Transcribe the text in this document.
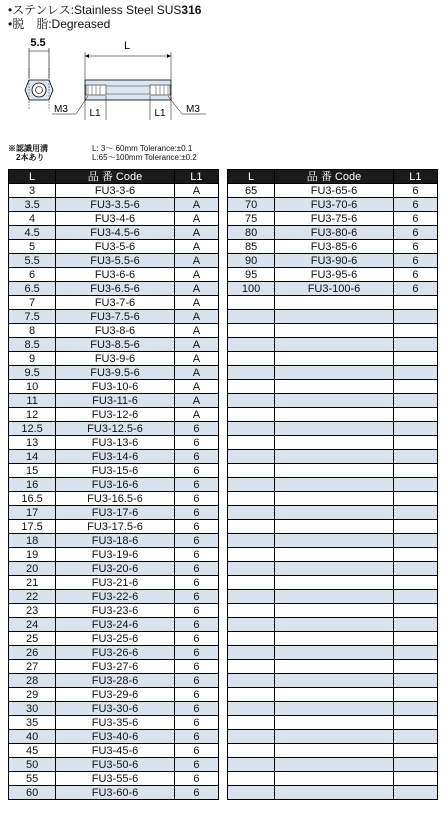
•ステンレス:Stainless Steel SUS316
•脱　脂:Degreased
5.5	L
L1	L1
M3	M3
※認識用溝
2本あり
L: 3～ 60mm Tolerance:±0.1
L:65～100mm Tolerance:±0.2
L	品 番 Code	L1
3	FU3-3-6	A
3.5	FU3-3.5-6	A
4	FU3-4-6	A
4.5	FU3-4.5-6	A
5	FU3-5-6	A
5.5	FU3-5.5-6	A
6	FU3-6-6	A
6.5	FU3-6.5-6	A
7	FU3-7-6	A
7.5	FU3-7.5-6	A
8	FU3-8-6	A
8.5	FU3-8.5-6	A
9	FU3-9-6	A
9.5	FU3-9.5-6	A
10	FU3-10-6	A
11	FU3-11-6	A
12	FU3-12-6	A
12.5	FU3-12.5-6	6
13	FU3-13-6	6
14	FU3-14-6	6
15	FU3-15-6	6
16	FU3-16-6	6
16.5	FU3-16.5-6	6
17	FU3-17-6	6
17.5	FU3-17.5-6	6
18	FU3-18-6	6
19	FU3-19-6	6
20	FU3-20-6	6
21	FU3-21-6	6
22	FU3-22-6	6
23	FU3-23-6	6
24	FU3-24-6	6
25	FU3-25-6	6
26	FU3-26-6	6
27	FU3-27-6	6
28	FU3-28-6	6
29	FU3-29-6	6
30	FU3-30-6	6
35	FU3-35-6	6
40	FU3-40-6	6
45	FU3-45-6	6
50	FU3-50-6	6
55	FU3-55-6	6
60	FU3-60-6	6
L	品 番 Code	L1
65	FU3-65-6	6
70	FU3-70-6	6
75	FU3-75-6	6
80	FU3-80-6	6
85	FU3-85-6	6
90	FU3-90-6	6
95	FU3-95-6	6
100	FU3-100-6	6
